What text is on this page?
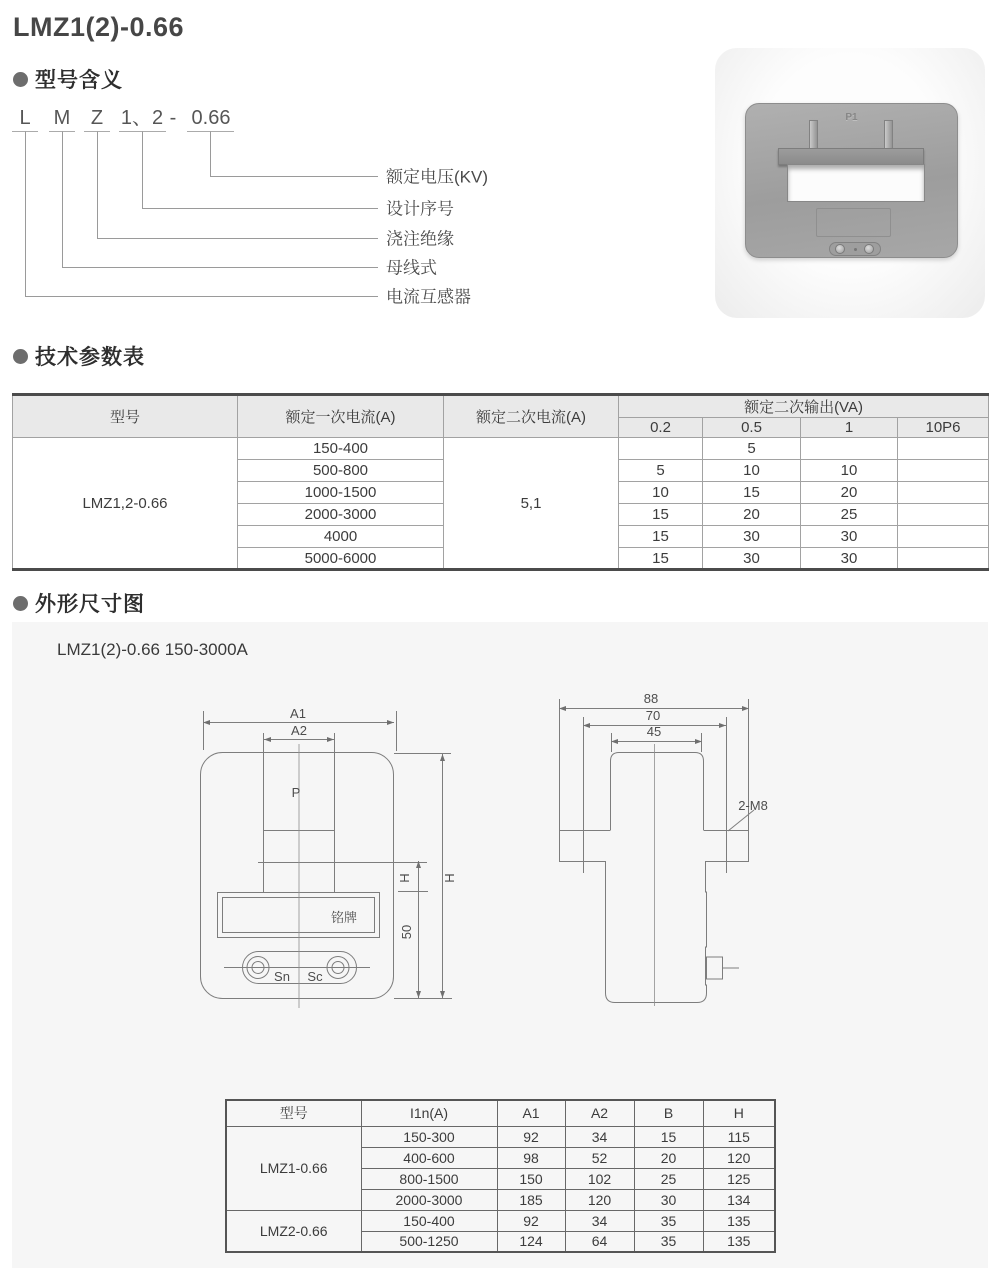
LMZ1(2)-0.66
型号含义
L M Z 1、2 - 0.66
额定电压(KV)
设计序号
浇注绝缘
母线式
电流互感器
P1
技术参数表
型号	额定一次电流(A)	额定二次电流(A)	额定二次输出(VA)			
			0.2	0.5	1	10P6
LMZ1,2-0.66	150-400	5,1		5		
	500-800		5	10	10	
	1000-1500		10	15	20	
	2000-3000		15	20	25	
	4000		15	30	30	
	5000-6000		15	30	30	
外形尺寸图
LMZ1(2)-0.66 150-3000A
A1
A2
P
铭牌
Sn Sc
H
50
H
88
70
45
2-M8
型号	I1n(A)	A1	A2	B	H
LMZ1-0.66	150-300	92	34	15	115
	400-600	98	52	20	120
	800-1500	150	102	25	125
	2000-3000	185	120	30	134
LMZ2-0.66	150-400	92	34	35	135
	500-1250	124	64	35	135
